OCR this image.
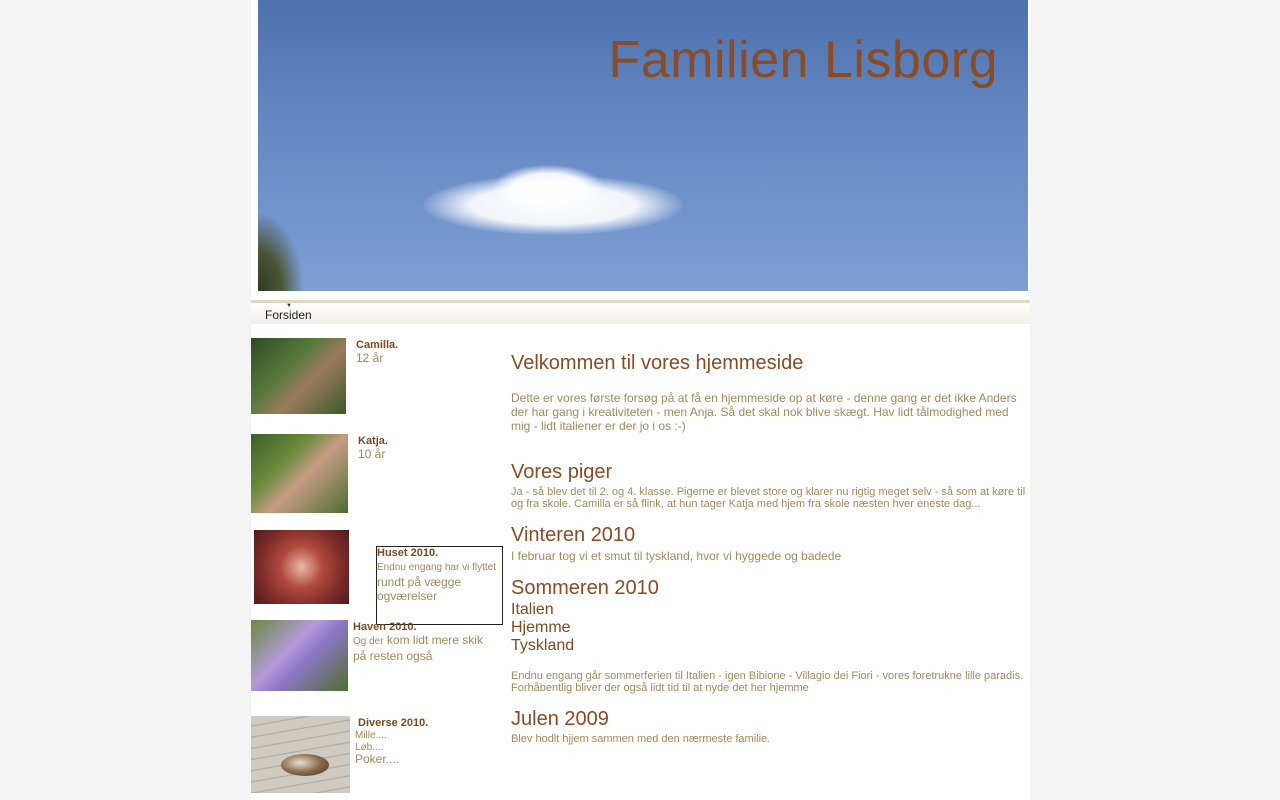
Familien Lisborg
▼
Forsiden

Camilla.

12 år

Katja.

10 år

Huset 2010.

Endnu engang har vi flyttet rundt på vægge ogværelser

Haven 2010.

Og der kom lidt mere skik på resten også

Diverse 2010.

Mille....
Løb....
Poker....
Velkommen til vores hjemmeside

Dette er vores første forsøg på at få en hjemmeside op at køre - denne gang er det ikke Anders der har gang i kreativiteten - men Anja. Så det skal nok blive skægt. Hav lidt tålmodighed med mig - lidt italiener er der jo i os :-)

Vores piger

Ja - så blev det til 2. og 4. klasse. Pigerne er blevet store og klarer nu rigtig meget selv - så som at køre til og fra skole. Camilla er så flink, at hun tager Katja med hjem fra skole næsten hver eneste dag...

Vinteren 2010

I februar tog vi et smut til tyskland, hvor vi hyggede og badede

Sommeren 2010
Italien
Hjemme
Tyskland

Endnu engang går sommerferien til Italien - igen Bibione - Villagio dei Fiori - vores foretrukne lille paradis. Forhåbentlig bliver der også lidt tid til at nyde det her hjemme

Julen 2009

Blev hodlt hjjem sammen med den nærmeste familie.
